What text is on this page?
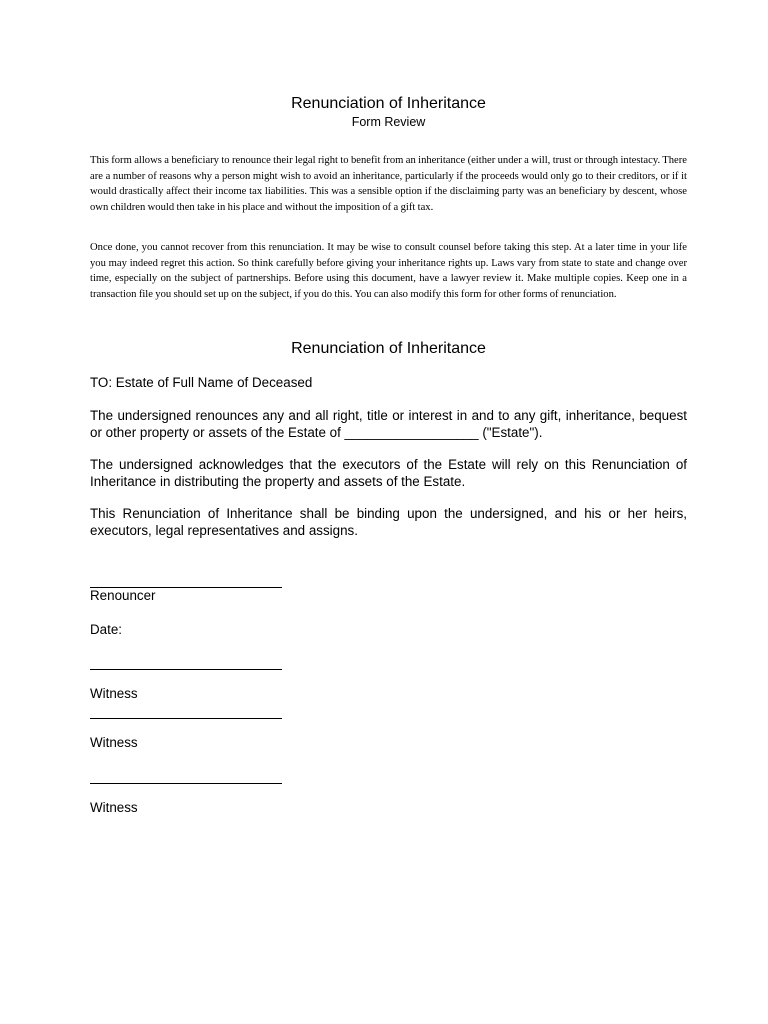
Renunciation of Inheritance
Form Review

This form allows a beneficiary to renounce their legal right to benefit from an inheritance (either under a will, trust or through intestacy. There are a number of reasons why a person might wish to avoid an inheritance, particularly if the proceeds would only go to their creditors, or if it would drastically affect their income tax liabilities. This was a sensible option if the disclaiming party was an beneficiary by descent, whose own children would then take in his place and without the imposition of a gift tax.

Once done, you cannot recover from this renunciation. It may be wise to consult counsel before taking this step. At a later time in your life you may indeed regret this action. So think carefully before giving your inheritance rights up. Laws vary from state to state and change over time, especially on the subject of partnerships. Before using this document, have a lawyer review it. Make multiple copies. Keep one in a transaction file you should set up on the subject, if you do this. You can also modify this form for other forms of renunciation.

Renunciation of Inheritance

TO: Estate of Full Name of Deceased

The undersigned renounces any and all right, title or interest in and to any gift, inheritance, bequest or other property or assets of the Estate of __________________ ("Estate").

The undersigned acknowledges that the executors of the Estate will rely on this Renunciation of Inheritance in distributing the property and assets of the Estate.

This Renunciation of Inheritance shall be binding upon the undersigned, and his or her heirs, executors, legal representatives and assigns.

Renouncer
Date:
Witness
Witness
Witness
